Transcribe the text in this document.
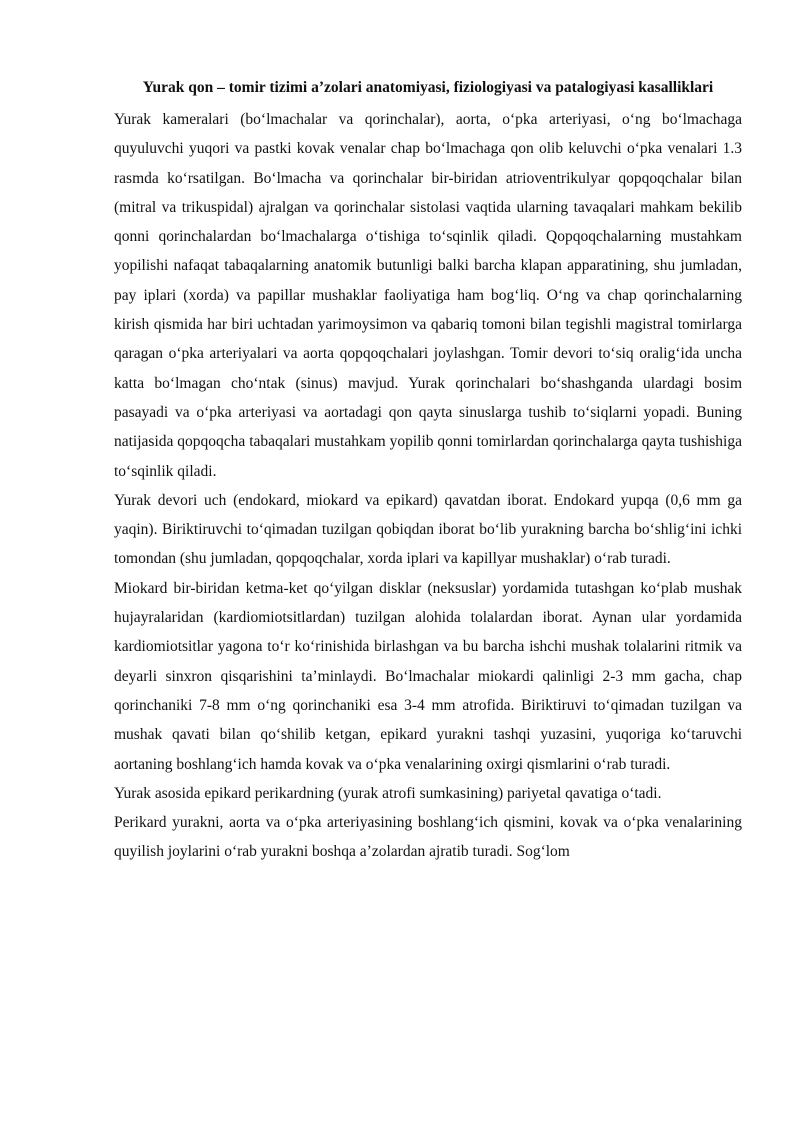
Yurak qon – tomir tizimi a’zolari anatomiyasi, fiziologiyasi va patalogiyasi kasalliklari

Yurak kameralari (bo‘lmachalar va qorinchalar), aorta, o‘pka arteriyasi, o‘ng bo‘lmachaga quyuluvchi yuqori va pastki kovak venalar chap bo‘lmachaga qon olib keluvchi o‘pka venalari 1.3 rasmda ko‘rsatilgan. Bo‘lmacha va qorinchalar bir-biridan atrioventrikulyar qopqoqchalar bilan (mitral va trikuspidal) ajralgan va qorinchalar sistolasi vaqtida ularning tavaqalari mahkam bekilib qonni qorinchalardan bo‘lmachalarga o‘tishiga to‘sqinlik qiladi. Qopqoqchalarning mustahkam yopilishi nafaqat tabaqalarning anatomik butunligi balki barcha klapan apparatining, shu jumladan, pay iplari (xorda) va papillar mushaklar faoliyatiga ham bog‘liq. O‘ng va chap qorinchalarning kirish qismida har biri uchtadan yarimoysimon va qabariq tomoni bilan tegishli magistral tomirlarga qaragan o‘pka arteriyalari va aorta qopqoqchalari joylashgan. Tomir devori to‘siq oralig‘ida uncha katta bo‘lmagan cho‘ntak (sinus) mavjud. Yurak qorinchalari bo‘shashganda ulardagi bosim pasayadi va o‘pka arteriyasi va aortadagi qon qayta sinuslarga tushib to‘siqlarni yopadi. Buning natijasida qopqoqcha tabaqalari mustahkam yopilib qonni tomirlardan qorinchalarga qayta tushishiga to‘sqinlik qiladi.

Yurak devori uch (endokard, miokard va epikard) qavatdan iborat. Endokard yupqa (0,6 mm ga yaqin). Biriktiruvchi to‘qimadan tuzilgan qobiqdan iborat bo‘lib yurakning barcha bo‘shlig‘ini ichki tomondan (shu jumladan, qopqoqchalar, xorda iplari va kapillyar mushaklar) o‘rab turadi.

Miokard bir-biridan ketma-ket qo‘yilgan disklar (neksuslar) yordamida tutashgan ko‘plab mushak hujayralaridan (kardiomiotsitlardan) tuzilgan alohida tolalardan iborat. Aynan ular yordamida kardiomiotsitlar yagona to‘r ko‘rinishida birlashgan va bu barcha ishchi mushak tolalarini ritmik va deyarli sinxron qisqarishini ta’minlaydi. Bo‘lmachalar miokardi qalinligi 2-3 mm gacha, chap qorinchaniki 7-8 mm o‘ng qorinchaniki esa 3-4 mm atrofida. Biriktiruvi to‘qimadan tuzilgan va mushak qavati bilan qo‘shilib ketgan, epikard yurakni tashqi yuzasini, yuqoriga ko‘taruvchi aortaning boshlang‘ich hamda kovak va o‘pka venalarining oxirgi qismlarini o‘rab turadi.

Yurak asosida epikard perikardning (yurak atrofi sumkasining) pariyetal qavatiga o‘tadi.

Perikard yurakni, aorta va o‘pka arteriyasining boshlang‘ich qismini, kovak va o‘pka venalarining quyilish joylarini o‘rab yurakni boshqa a’zolardan ajratib turadi. Sog‘lom
